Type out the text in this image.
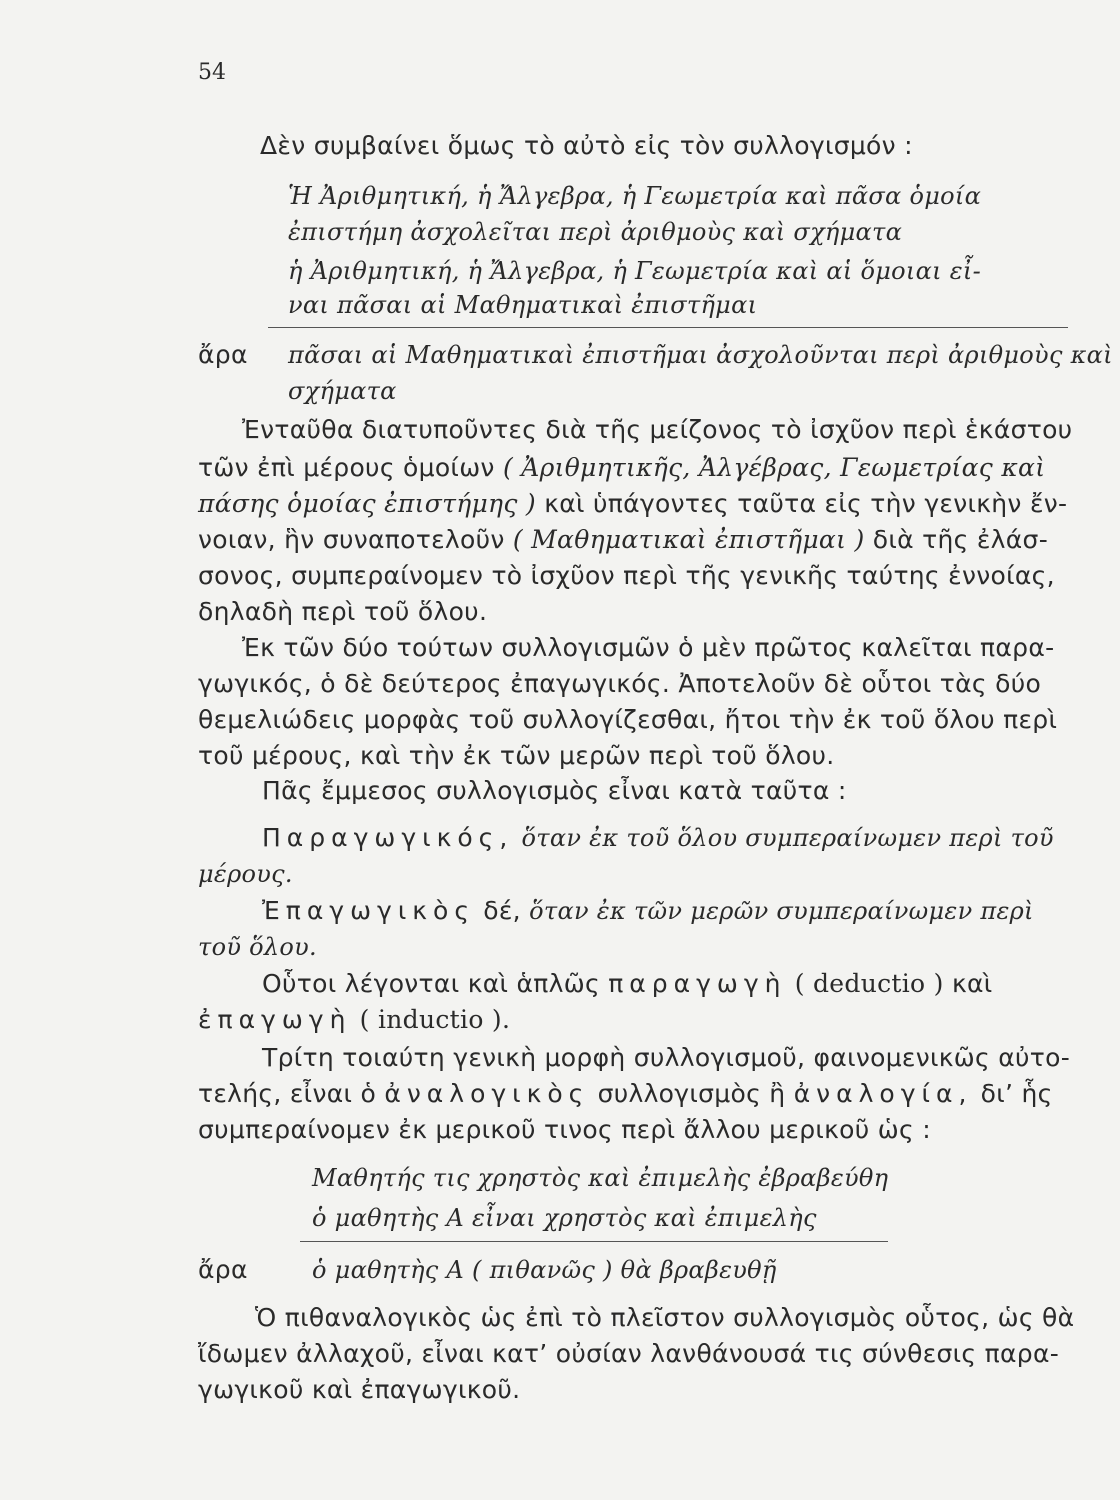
54
Δὲν συμβαίνει ὅμως τὸ αὐτὸ εἰς τὸν συλλογισμόν :
Ἡ Ἀριθμητική, ἡ Ἄλγεβρα, ἡ Γεωμετρία καὶ πᾶσα ὁμοία
ἐπιστήμη ἀσχολεῖται περὶ ἀριθμοὺς καὶ σχήματα
ἡ Ἀριθμητική, ἡ Ἄλγεβρα, ἡ Γεωμετρία καὶ αἱ ὅμοιαι εἶ-
ναι πᾶσαι αἱ Μαθηματικαὶ ἐπιστῆμαι
ἄρα πᾶσαι αἱ Μαθηματικαὶ ἐπιστῆμαι ἀσχολοῦνται περὶ ἀριθμοὺς καὶ
σχήματα
Ἐνταῦθα διατυποῦντες διὰ τῆς μείζονος τὸ ἰσχῦον περὶ ἑκάστου
τῶν ἐπὶ μέρους ὁμοίων ( Ἀριθμητικῆς, Ἀλγέβρας, Γεωμετρίας καὶ
πάσης ὁμοίας ἐπιστήμης ) καὶ ὑπάγοντες ταῦτα εἰς τὴν γενικὴν ἔν-
νοιαν, ἣν συναποτελοῦν ( Μαθηματικαὶ ἐπιστῆμαι ) διὰ τῆς ἐλάσ-
σονος, συμπεραίνομεν τὸ ἰσχῦον περὶ τῆς γενικῆς ταύτης ἐννοίας,
δηλαδὴ περὶ τοῦ ὅλου.
Ἐκ τῶν δύο τούτων συλλογισμῶν ὁ μὲν πρῶτος καλεῖται παρα-
γωγικός, ὁ δὲ δεύτερος ἐπαγωγικός. Ἀποτελοῦν δὲ οὗτοι τὰς δύο
θεμελιώδεις μορφὰς τοῦ συλλογίζεσθαι, ἤτοι τὴν ἐκ τοῦ ὅλου περὶ
τοῦ μέρους, καὶ τὴν ἐκ τῶν μερῶν περὶ τοῦ ὅλου.
Πᾶς ἔμμεσος συλλογισμὸς εἶναι κατὰ ταῦτα :
Παραγωγικός, ὅταν ἐκ τοῦ ὅλου συμπεραίνωμεν περὶ τοῦ
μέρους.
Ἐπαγωγικὸς δέ, ὅταν ἐκ τῶν μερῶν συμπεραίνωμεν περὶ
τοῦ ὅλου.
Οὗτοι λέγονται καὶ ἁπλῶς παραγωγὴ ( deductio ) καὶ
ἐπαγωγὴ ( inductio ).
Τρίτη τοιαύτη γενικὴ μορφὴ συλλογισμοῦ, φαινομενικῶς αὐτο-
τελής, εἶναι ὁ ἀναλογικὸς συλλογισμὸς ἢ ἀναλογία, δι’ ἧς
συμπεραίνομεν ἐκ μερικοῦ τινος περὶ ἄλλου μερικοῦ ὡς :
Μαθητής τις χρηστὸς καὶ ἐπιμελὴς ἐβραβεύθη
ὁ μαθητὴς Α εἶναι χρηστὸς καὶ ἐπιμελὴς
ἄρα	ὁ μαθητὴς Α ( πιθανῶς ) θὰ βραβευθῇ
Ὁ πιθαναλογικὸς ὡς ἐπὶ τὸ πλεῖστον συλλογισμὸς οὗτος, ὡς θὰ
ἴδωμεν ἀλλαχοῦ, εἶναι κατ’ οὐσίαν λανθάνουσά τις σύνθεσις παρα-
γωγικοῦ καὶ ἐπαγωγικοῦ.
